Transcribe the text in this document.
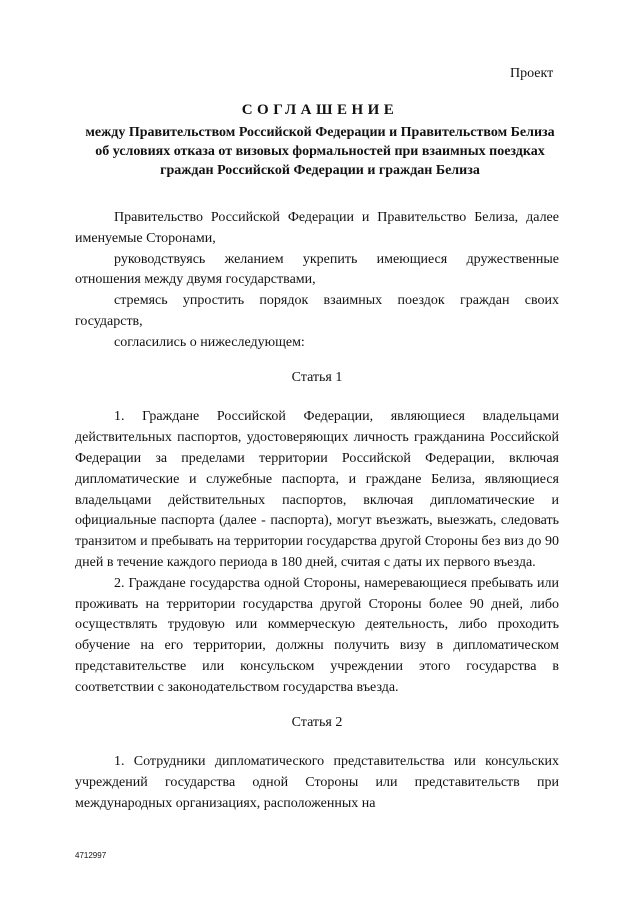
Проект
СОГЛАШЕНИЕ
между Правительством Российской Федерации и Правительством Белиза об условиях отказа от визовых формальностей при взаимных поездках граждан Российской Федерации и граждан Белиза

Правительство Российской Федерации и Правительство Белиза, далее именуемые Сторонами,

руководствуясь желанием укрепить имеющиеся дружественные отношения между двумя государствами,

стремясь упростить порядок взаимных поездок граждан своих государств,

согласились о нижеследующем:

Статья 1

1. Граждане Российской Федерации, являющиеся владельцами действительных паспортов, удостоверяющих личность гражданина Российской Федерации за пределами территории Российской Федерации, включая дипломатические и служебные паспорта, и граждане Белиза, являющиеся владельцами действительных паспортов, включая дипломатические и официальные паспорта (далее - паспорта), могут въезжать, выезжать, следовать транзитом и пребывать на территории государства другой Стороны без виз до 90 дней в течение каждого периода в 180 дней, считая с даты их первого въезда.

2. Граждане государства одной Стороны, намеревающиеся пребывать или проживать на территории государства другой Стороны более 90 дней, либо осуществлять трудовую или коммерческую деятельность, либо проходить обучение на его территории, должны получить визу в дипломатическом представительстве или консульском учреждении этого государства в соответствии с законодательством государства въезда.

Статья 2

1. Сотрудники дипломатического представительства или консульских учреждений государства одной Стороны или представительств при международных организациях, расположенных на

4712997
